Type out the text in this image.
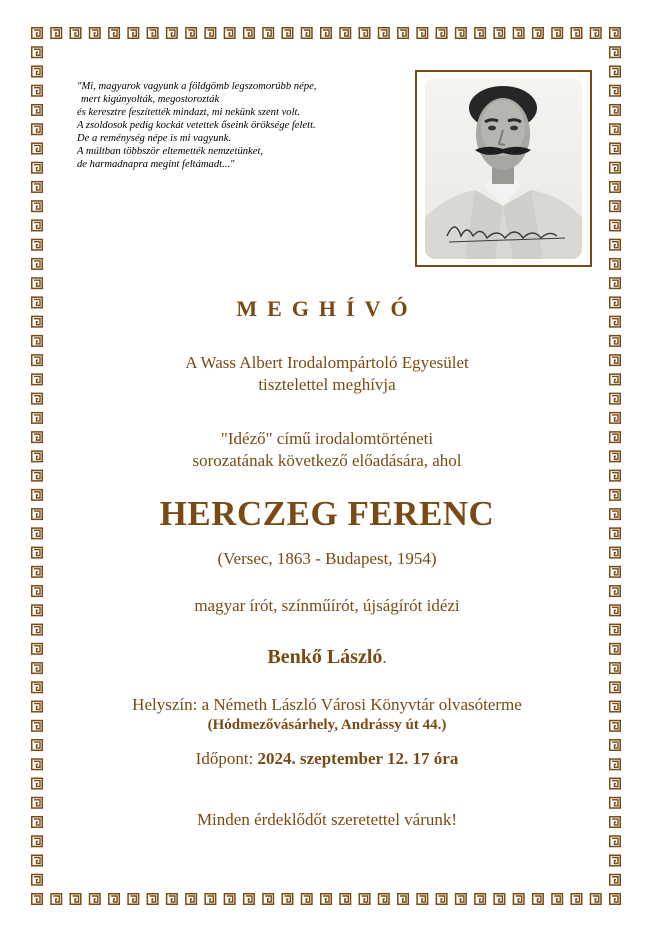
"Mi, magyarok vagyunk a földgömb legszomorúbb népe,
mert kigúnyolták, megostorozták
és keresztre feszítették mindazt, mi nekünk szent volt.
A zsoldosok pedig kockát vetettek őseink öröksége felett.
De a reménység népe is mi vagyunk.
A múltban többször eltemették nemzetünket,
de harmadnapra megint feltámadt..."
MEGHÍVÓ
A Wass Albert Irodalompártoló Egyesület
tisztelettel meghívja
"Idéző" című irodalomtörténeti
sorozatának következő előadására, ahol
HERCZEG FERENC
(Versec, 1863 - Budapest, 1954)
magyar írót, színműírót, újságírót idézi
Benkő László.
Helyszín: a Németh László Városi Könyvtár olvasóterme
(Hódmezővásárhely, Andrássy út 44.)
Időpont: 2024. szeptember 12. 17 óra
Minden érdeklődőt szeretettel várunk!
